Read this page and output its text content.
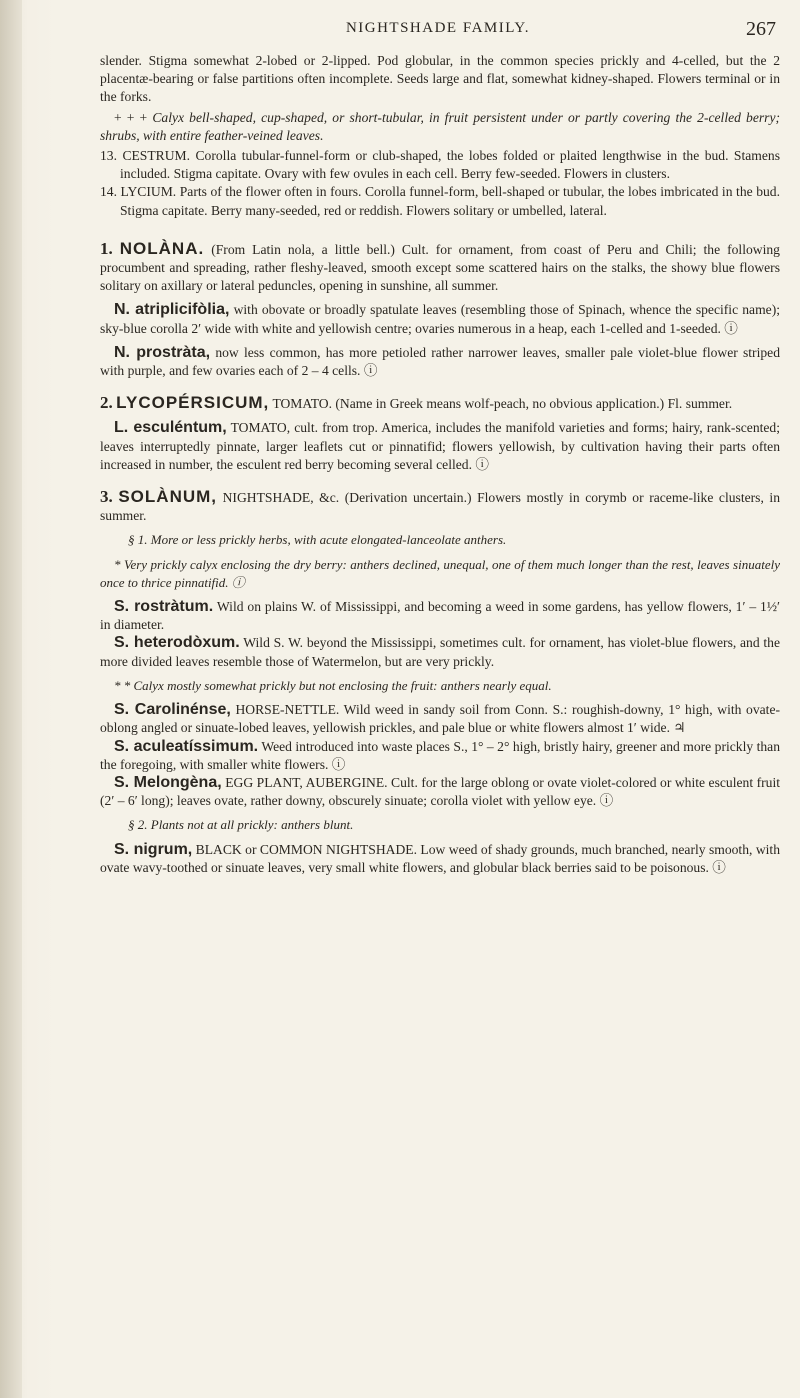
NIGHTSHADE FAMILY.	267

slender. Stigma somewhat 2-lobed or 2-lipped. Pod globular, in the common species prickly and 4-celled, but the 2 placentæ-bearing or false partitions often incomplete. Seeds large and flat, somewhat kidney-shaped. Flowers terminal or in the forks.

+ + + Calyx bell-shaped, cup-shaped, or short-tubular, in fruit persistent under or partly covering the 2-celled berry; shrubs, with entire feather-veined leaves.

13. CESTRUM. Corolla tubular-funnel-form or club-shaped, the lobes folded or plaited lengthwise in the bud. Stamens included. Stigma capitate. Ovary with few ovules in each cell. Berry few-seeded. Flowers in clusters.

14. LYCIUM. Parts of the flower often in fours. Corolla funnel-form, bell-shaped or tubular, the lobes imbricated in the bud. Stigma capitate. Berry many-seeded, red or reddish. Flowers solitary or umbelled, lateral.

1. NOLÀNA. (From Latin nola, a little bell.) Cult. for ornament, from coast of Peru and Chili; the following procumbent and spreading, rather fleshy-leaved, smooth except some scattered hairs on the stalks, the showy blue flowers solitary on axillary or lateral peduncles, opening in sunshine, all summer.

N. atriplicifòlia, with obovate or broadly spatulate leaves (resembling those of Spinach, whence the specific name); sky-blue corolla 2′ wide with white and yellowish centre; ovaries numerous in a heap, each 1-celled and 1-seeded. ⓘ

N. prostràta, now less common, has more petioled rather narrower leaves, smaller pale violet-blue flower striped with purple, and few ovaries each of 2 – 4 cells. ⓘ

2. LYCOPÉRSICUM, TOMATO. (Name in Greek means wolf-peach, no obvious application.) Fl. summer.

L. esculéntum, TOMATO, cult. from trop. America, includes the manifold varieties and forms; hairy, rank-scented; leaves interruptedly pinnate, larger leaflets cut or pinnatifid; flowers yellowish, by cultivation having their parts often increased in number, the esculent red berry becoming several celled. ⓘ

3. SOLÀNUM, NIGHTSHADE, &c. (Derivation uncertain.) Flowers mostly in corymb or raceme-like clusters, in summer.

§ 1. More or less prickly herbs, with acute elongated-lanceolate anthers.

* Very prickly calyx enclosing the dry berry: anthers declined, unequal, one of them much longer than the rest, leaves sinuately once to thrice pinnatifid. ⓘ

S. rostràtum. Wild on plains W. of Mississippi, and becoming a weed in some gardens, has yellow flowers, 1′ – 1½′ in diameter.

S. heterodòxum. Wild S. W. beyond the Mississippi, sometimes cult. for ornament, has violet-blue flowers, and the more divided leaves resemble those of Watermelon, but are very prickly.

* * Calyx mostly somewhat prickly but not enclosing the fruit: anthers nearly equal.

S. Carolinénse, HORSE-NETTLE. Wild weed in sandy soil from Conn. S.: roughish-downy, 1° high, with ovate-oblong angled or sinuate-lobed leaves, yellowish prickles, and pale blue or white flowers almost 1′ wide. ♃

S. aculeatíssimum. Weed introduced into waste places S., 1° – 2° high, bristly hairy, greener and more prickly than the foregoing, with smaller white flowers. ⓘ

S. Melongèna, EGG PLANT, AUBERGINE. Cult. for the large oblong or ovate violet-colored or white esculent fruit (2′ – 6′ long); leaves ovate, rather downy, obscurely sinuate; corolla violet with yellow eye. ⓘ

§ 2. Plants not at all prickly: anthers blunt.

S. nigrum, BLACK or COMMON NIGHTSHADE. Low weed of shady grounds, much branched, nearly smooth, with ovate wavy-toothed or sinuate leaves, very small white flowers, and globular black berries said to be poisonous. ⓘ
